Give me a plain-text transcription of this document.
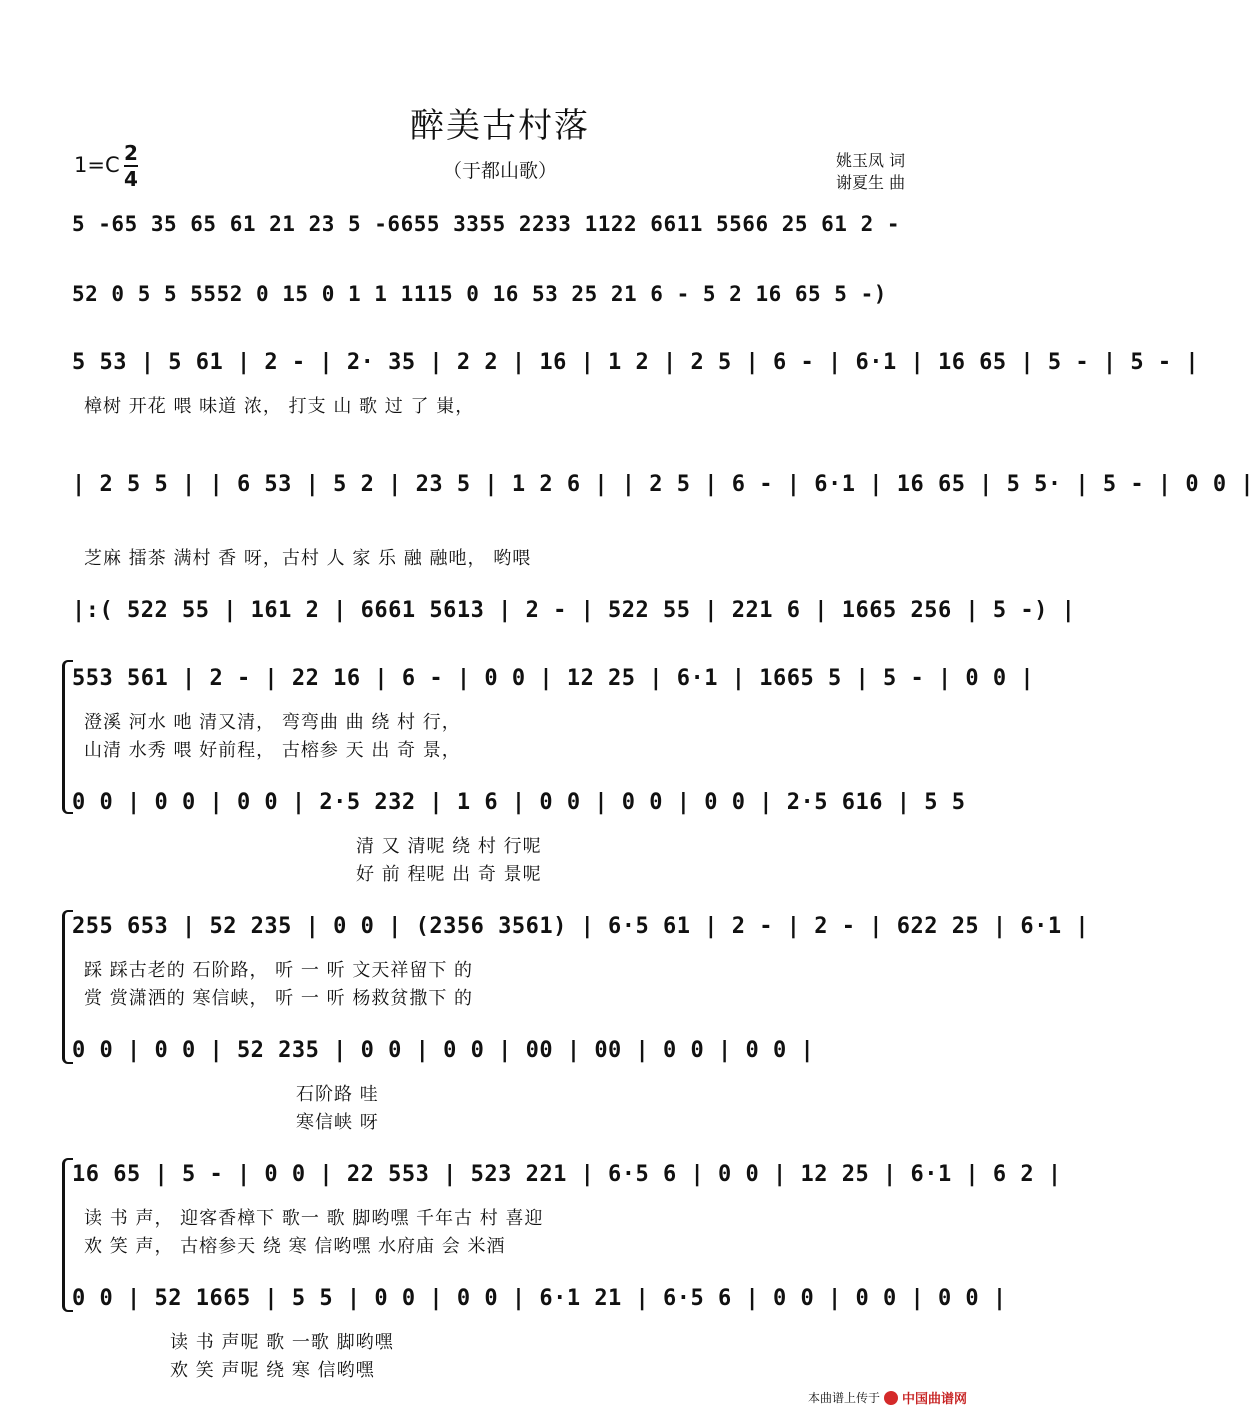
醉美古村落
（于都山歌）
1=C 2
4
姚玉凤 词
谢夏生 曲
5 -65 35 65 61 21 23 5 -6655 3355 2233 1122 6611 5566 25 61 2 -
52 0 5 5 5552 0 15 0 1 1 1115 0 16 53 25 21 6 - 5 2 16 65 5 -)
5 53 | 5 61 | 2 - | 2· 35 | 2 2 | 16 | 1 2 | 2 5 | 6 - | 6·1 | 16 65 | 5 - | 5 - |
樟树 开花 喂 味道 浓， 打支 山 歌 过 了 崬，
| 2 5 5 | | 6 53 | 5 2 | 23 5 | 1 2 6 | | 2 5 | 6 - | 6·1 | 16 65 | 5 5· | 5 - | 0 0 |
芝麻 擂茶 满村 香 呀，古村 人 家 乐 融 融吔， 哟喂
|:( 522 55 | 161 2 | 6661 5613 | 2 - | 522 55 | 221 6 | 1665 256 | 5 -) |
553 561 | 2 - | 22 16 | 6 - | 0 0 | 12 25 | 6·1 | 1665 5 | 5 - | 0 0 |
澄溪 河水 吔 清又清， 弯弯曲 曲 绕 村 行，
山清 水秀 喂 好前程， 古榕参 天 出 奇 景，
0 0 | 0 0 | 0 0 | 2·5 232 | 1 6 | 0 0 | 0 0 | 0 0 | 2·5 616 | 5 5
清 又 清呢 绕 村 行呢
好 前 程呢 出 奇 景呢
255 653 | 52 235 | 0 0 | (2356 3561) | 6·5 61 | 2 - | 2 - | 622 25 | 6·1 |
踩 踩古老的 石阶路， 听 一 听 文天祥留下 的
赏 赏潇洒的 寒信峡， 听 一 听 杨救贫撒下 的
0 0 | 0 0 | 52 235 | 0 0 | 0 0 | 00 | 00 | 0 0 | 0 0 |
石阶路 哇
寒信峡 呀
16 65 | 5 - | 0 0 | 22 553 | 523 221 | 6·5 6 | 0 0 | 12 25 | 6·1 | 6 2 |
读 书 声， 迎客香樟下 歌一 歌 脚哟嘿 千年古 村 喜迎
欢 笑 声， 古榕参天 绕 寒 信哟嘿 水府庙 会 米酒
0 0 | 52 1665 | 5 5 | 0 0 | 0 0 | 6·1 21 | 6·5 6 | 0 0 | 0 0 | 0 0 |
读 书 声呢 歌 一歌 脚哟嘿
欢 笑 声呢 绕 寒 信哟嘿
本曲谱上传于 中国曲谱网
